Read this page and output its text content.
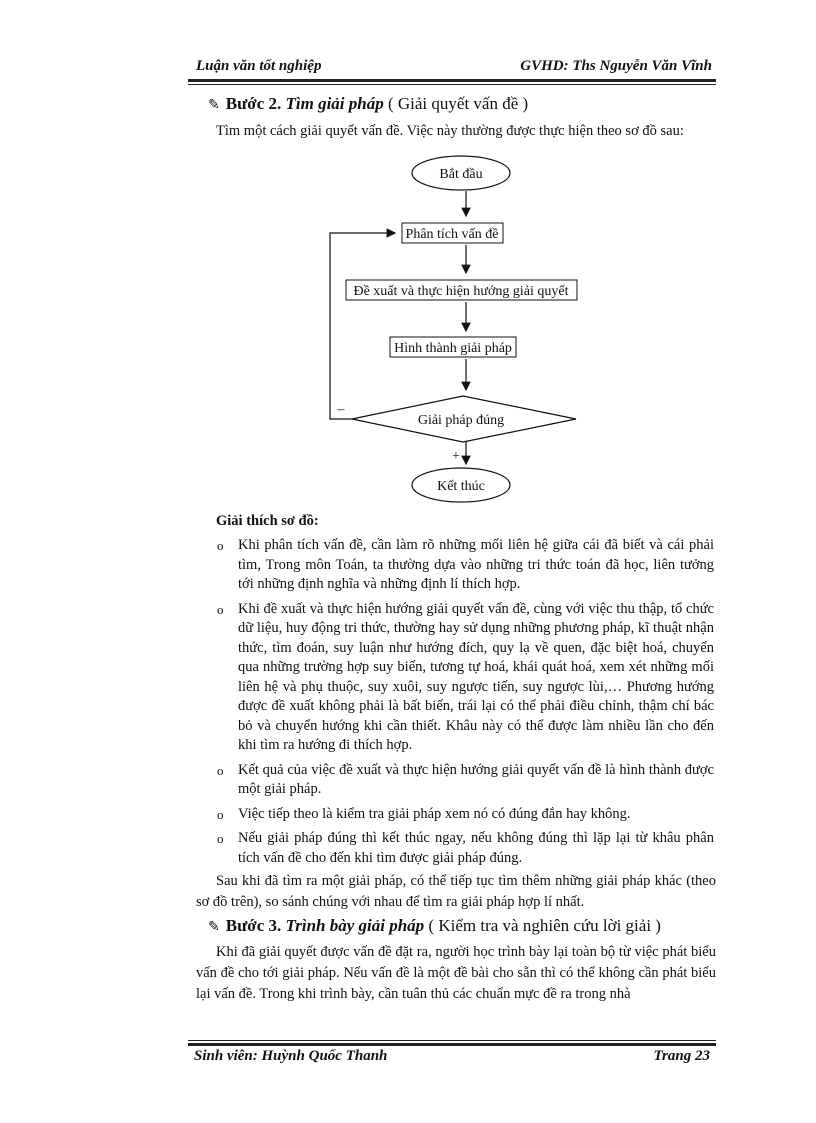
Luận văn tốt nghiệp	GVHD: Ths Nguyễn Văn Vĩnh
✎ Bước 2. Tìm giải pháp ( Giải quyết vấn đề )
Tìm một cách giải quyết vấn đề. Việc này thường được thực hiện theo sơ đồ sau:
Bắt đầu
Phân tích vấn đề
Đề xuất và thực hiện hướng giải quyết
Hình thành giải pháp
Giải pháp đúng
–
+
Kết thúc
Giải thích sơ đồ:
o Khi phân tích vấn đề, cần làm rõ những mối liên hệ giữa cái đã biết và cái phải tìm, Trong môn Toán, ta thường dựa vào những tri thức toán đã học, liên tưởng tới những định nghĩa và những định lí thích hợp.
o Khi đề xuất và thực hiện hướng giải quyết vấn đề, cùng với việc thu thập, tổ chức dữ liệu, huy động tri thức, thường hay sử dụng những phương pháp, kĩ thuật nhận thức, tìm đoán, suy luận như hướng đích, quy lạ về quen, đặc biệt hoá, chuyển qua những trường hợp suy biến, tương tự hoá, khái quát hoá, xem xét những mối liên hệ và phụ thuộc, suy xuôi, suy ngược tiến, suy ngược lùi,… Phương hướng được đề xuất không phải là bất biến, trái lại có thể phải điều chỉnh, thậm chí bác bỏ và chuyển hướng khi cần thiết. Khâu này có thể được làm nhiều lần cho đến khi tìm ra hướng đi thích hợp.
o Kết quả của việc đề xuất và thực hiện hướng giải quyết vấn đề là hình thành được một giải pháp.
o Việc tiếp theo là kiểm tra giải pháp xem nó có đúng đắn hay không.
o Nếu giải pháp đúng thì kết thúc ngay, nếu không đúng thì lặp lại từ khâu phân tích vấn đề cho đến khi tìm được giải pháp đúng.
Sau khi đã tìm ra một giải pháp, có thể tiếp tục tìm thêm những giải pháp khác (theo sơ đồ trên), so sánh chúng với nhau để tìm ra giải pháp hợp lí nhất.
✎ Bước 3. Trình bày giải pháp ( Kiểm tra và nghiên cứu lời giải )
Khi đã giải quyết được vấn đề đặt ra, người học trình bày lại toàn bộ từ việc phát biểu vấn đề cho tới giải pháp. Nếu vấn đề là một đề bài cho sẵn thì có thể không cần phát biểu lại vấn đề. Trong khi trình bày, cần tuân thủ các chuẩn mực đề ra trong nhà
Sinh viên: Huỳnh Quốc Thanh	Trang 23
